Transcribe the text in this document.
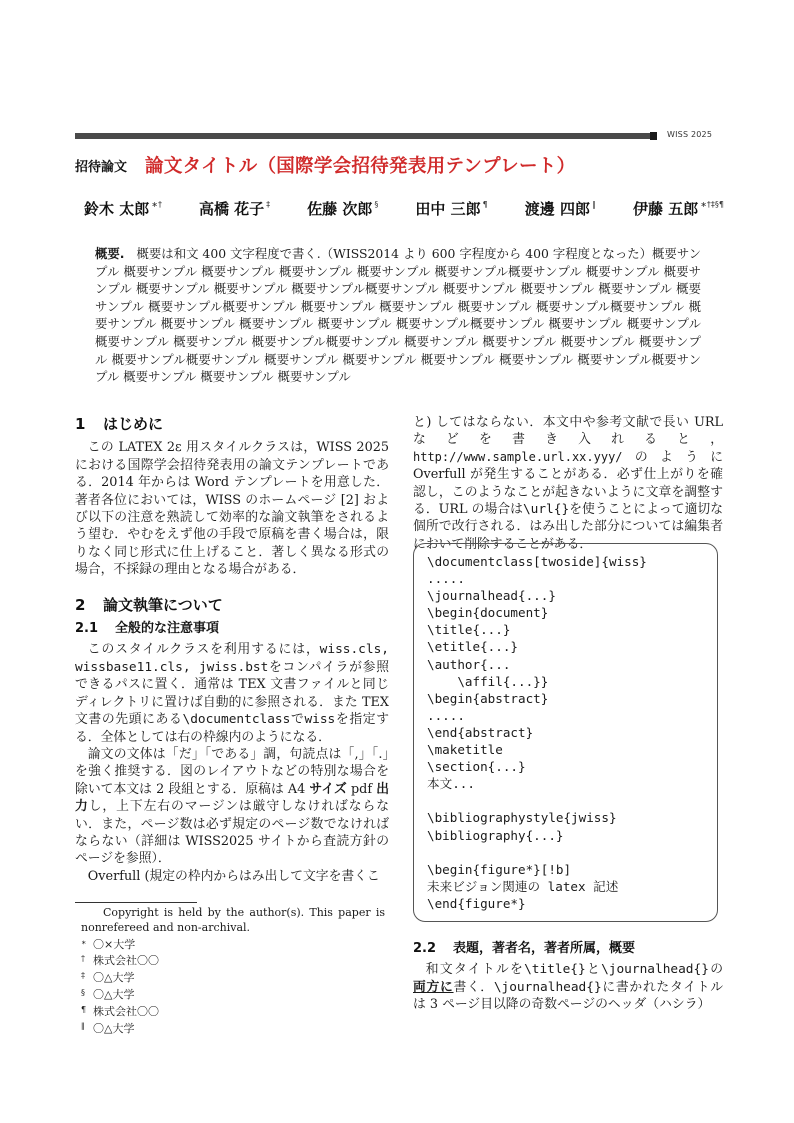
WISS 2025
招待論文 論文タイトル（国際学会招待発表用テンプレート）
鈴木 太郎 ∗† 高橋 花子 ‡ 佐藤 次郎 § 田中 三郎 ¶ 渡邊 四郎 ∥ 伊藤 五郎 ∗†‡§¶
概要. 概要は和文 400 文字程度で書く.（WISS2014 より 600 字程度から 400 字程度となった）概要サンプル 概要サンプル 概要サンプル 概要サンプル 概要サンプル 概要サンプル概要サンプル 概要サンプル 概要サンプル 概要サンプル 概要サンプル 概要サンプル概要サンプル 概要サンプル 概要サンプル 概要サンプル 概要サンプル 概要サンプル概要サンプル 概要サンプル 概要サンプル 概要サンプル 概要サンプル概要サンプル 概要サンプル 概要サンプル 概要サンプル 概要サンプル 概要サンプル概要サンプル 概要サンプル 概要サンプル 概要サンプル 概要サンプル 概要サンプル概要サンプル 概要サンプル 概要サンプル 概要サンプル 概要サンプル 概要サンプル概要サンプル 概要サンプル 概要サンプル 概要サンプル 概要サンプル 概要サンプル概要サンプル 概要サンプル 概要サンプル 概要サンプル
1 はじめに

この LATEX 2ε 用スタイルクラスは，WISS 2025 における国際学会招待発表用の論文テンプレートである．2014 年からは Word テンプレートを用意した．著者各位においては，WISS のホームページ [2] および以下の注意を熟読して効率的な論文執筆をされるよう望む．やむをえず他の手段で原稿を書く場合は，限りなく同じ形式に仕上げること．著しく異なる形式の場合，不採録の理由となる場合がある．

2 論文執筆について
2.1 全般的な注意事項

このスタイルクラスを利用するには，wiss.cls, wissbase11.cls, jwiss.bstをコンパイラが参照できるパスに置く．通常は TEX 文書ファイルと同じディレクトリに置けば自動的に参照される．また TEX 文書の先頭にある\documentclassでwissを指定する．全体としては右の枠線内のようになる．

論文の文体は「だ」「である」調，句読点は「,」「.」を強く推奨する．図のレイアウトなどの特別な場合を除いて本文は 2 段組とする．原稿は A4 サイズ pdf 出力し，上下左右のマージンは厳守しなければならない．また，ページ数は必ず規定のページ数でなければならない（詳細は WISS2025 サイトから査読方針のページを参照）．

Overfull (規定の枠内からはみ出して文字を書くこ

Copyright is held by the author(s). This paper is nonrefereed and non-archival.
∗ 〇×大学
† 株式会社〇〇
‡ 〇△大学
§ 〇△大学
¶ 株式会社〇〇
∥ 〇△大学

と) してはならない．本文中や参考文献で長い URL などを書き入れると，http://www.sample.url.xx.yyy/のように Overfull が発生することがある．必ず仕上がりを確認し，このようなことが起きないように文章を調整する．URL の場合は\url{}を使うことによって適切な個所で改行される．はみ出した部分については編集者において削除することがある．

\documentclass[twoside]{wiss}
.....
\journalhead{...}
\begin{document}
\title{...}
\etitle{...}
\author{...
\affil{...}}
\begin{abstract}
.....
\end{abstract}
\maketitle
\section{...}
本文...
\bibliographystyle{jwiss}
\bibliography{...}
\begin{figure*}[!b]
未来ビジョン関連の latex 記述
\end{figure*}
2.2 表題，著者名，著者所属，概要

和文タイトルを\title{}と\journalhead{}の両方に書く．\journalhead{}に書かれたタイトルは 3 ページ目以降の奇数ページのヘッダ（ハシラ）
